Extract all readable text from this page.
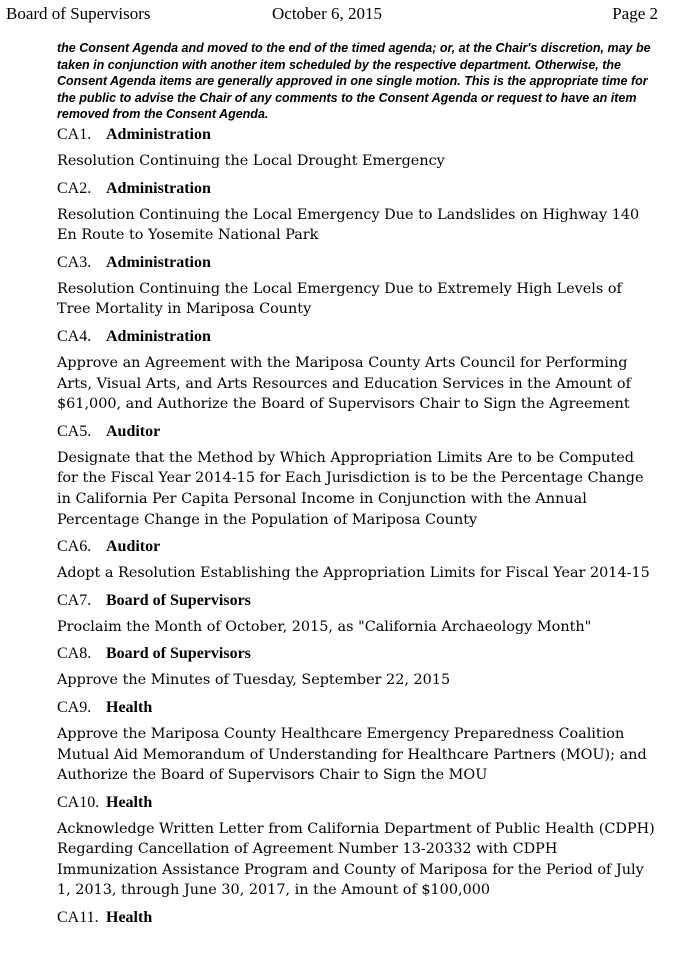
Board of Supervisors	October 6, 2015	Page 2

the Consent Agenda and moved to the end of the timed agenda; or, at the Chair's discretion, may be taken in conjunction with another item scheduled by the respective department. Otherwise, the Consent Agenda items are generally approved in one single motion. This is the appropriate time for the public to advise the Chair of any comments to the Consent Agenda or request to have an item removed from the Consent Agenda.

CA1. Administration
Resolution Continuing the Local Drought Emergency
CA2. Administration
Resolution Continuing the Local Emergency Due to Landslides on Highway 140 En Route to Yosemite National Park
CA3. Administration
Resolution Continuing the Local Emergency Due to Extremely High Levels of Tree Mortality in Mariposa County
CA4. Administration
Approve an Agreement with the Mariposa County Arts Council for Performing Arts, Visual Arts, and Arts Resources and Education Services in the Amount of $61,000, and Authorize the Board of Supervisors Chair to Sign the Agreement
CA5. Auditor
Designate that the Method by Which Appropriation Limits Are to be Computed for the Fiscal Year 2014-15 for Each Jurisdiction is to be the Percentage Change in California Per Capita Personal Income in Conjunction with the Annual Percentage Change in the Population of Mariposa County
CA6. Auditor
Adopt a Resolution Establishing the Appropriation Limits for Fiscal Year 2014-15
CA7. Board of Supervisors
Proclaim the Month of October, 2015, as "California Archaeology Month"
CA8. Board of Supervisors
Approve the Minutes of Tuesday, September 22, 2015
CA9. Health
Approve the Mariposa County Healthcare Emergency Preparedness Coalition Mutual Aid Memorandum of Understanding for Healthcare Partners (MOU); and Authorize the Board of Supervisors Chair to Sign the MOU
CA10. Health
Acknowledge Written Letter from California Department of Public Health (CDPH) Regarding Cancellation of Agreement Number 13-20332 with CDPH Immunization Assistance Program and County of Mariposa for the Period of July 1, 2013, through June 30, 2017, in the Amount of $100,000
CA11. Health
